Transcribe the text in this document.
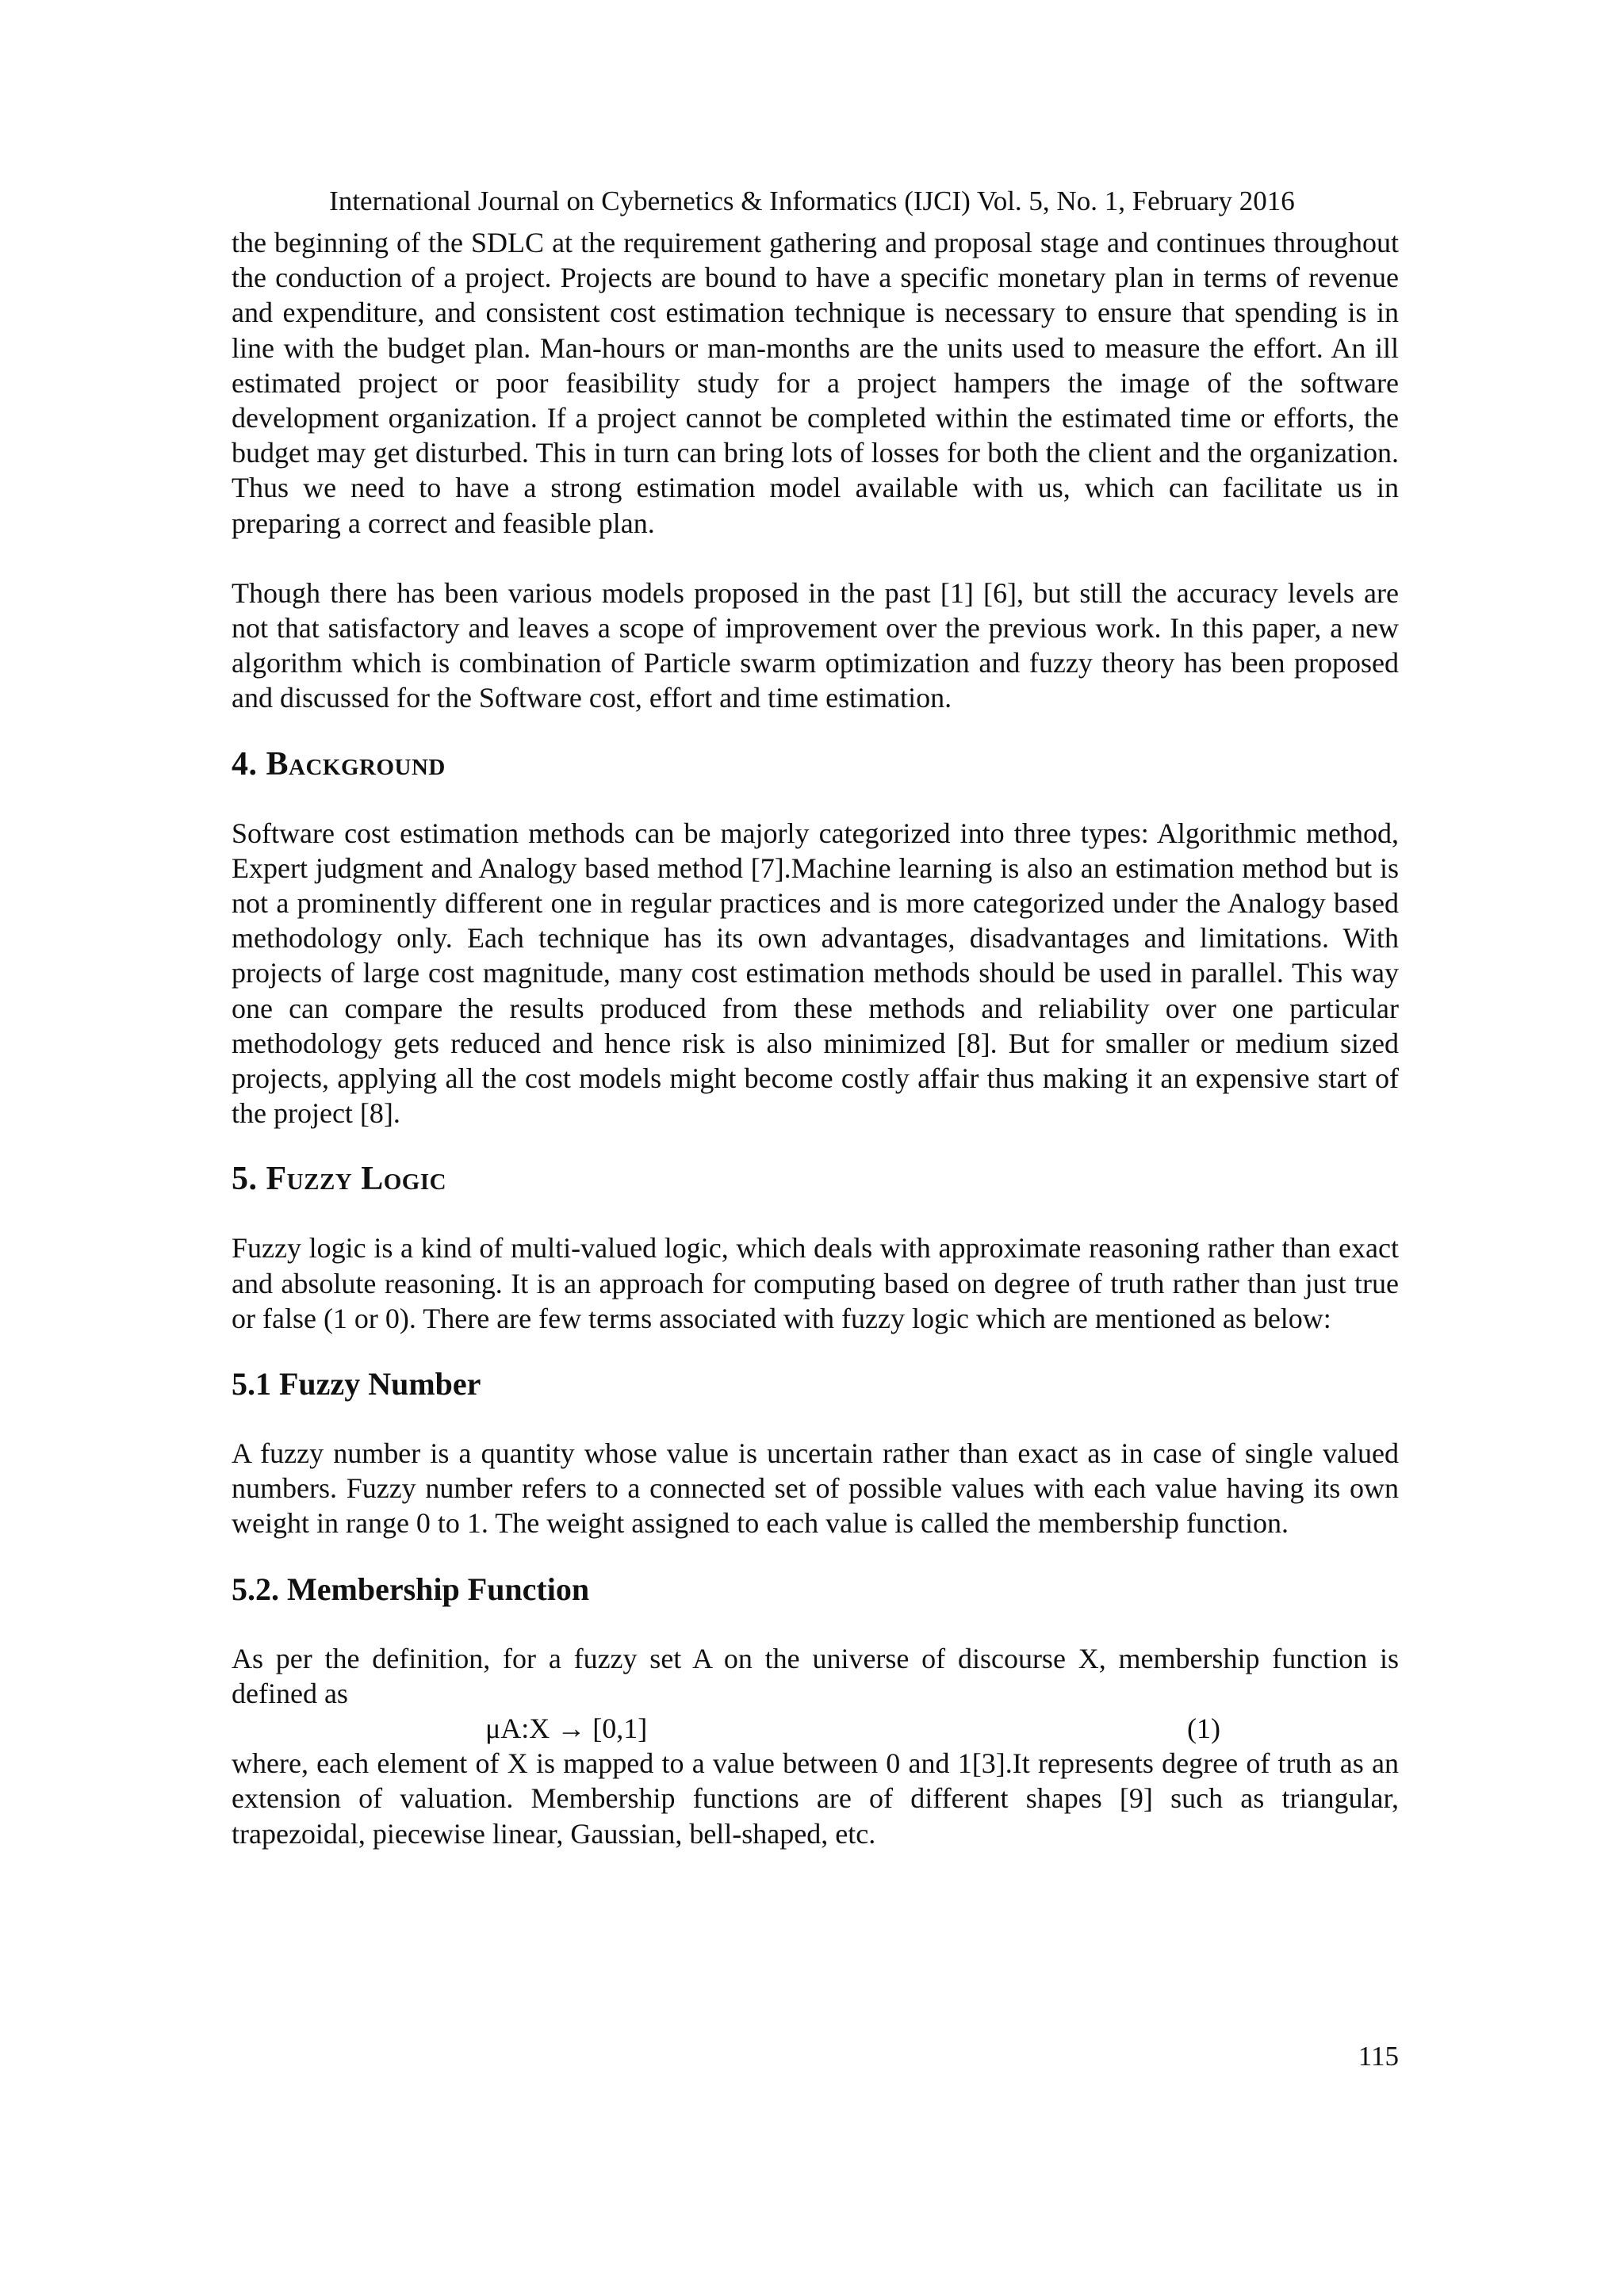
International Journal on Cybernetics & Informatics (IJCI) Vol. 5, No. 1, February 2016

the beginning of the SDLC at the requirement gathering and proposal stage and continues throughout the conduction of a project. Projects are bound to have a specific monetary plan in terms of revenue and expenditure, and consistent cost estimation technique is necessary to ensure that spending is in line with the budget plan. Man-hours or man-months are the units used to measure the effort. An ill estimated project or poor feasibility study for a project hampers the image of the software development organization. If a project cannot be completed within the estimated time or efforts, the budget may get disturbed. This in turn can bring lots of losses for both the client and the organization. Thus we need to have a strong estimation model available with us, which can facilitate us in preparing a correct and feasible plan.

Though there has been various models proposed in the past [1] [6], but still the accuracy levels are not that satisfactory and leaves a scope of improvement over the previous work. In this paper, a new algorithm which is combination of Particle swarm optimization and fuzzy theory has been proposed and discussed for the Software cost, effort and time estimation.

4. Background

Software cost estimation methods can be majorly categorized into three types: Algorithmic method, Expert judgment and Analogy based method [7].Machine learning is also an estimation method but is not a prominently different one in regular practices and is more categorized under the Analogy based methodology only. Each technique has its own advantages, disadvantages and limitations. With projects of large cost magnitude, many cost estimation methods should be used in parallel. This way one can compare the results produced from these methods and reliability over one particular methodology gets reduced and hence risk is also minimized [8]. But for smaller or medium sized projects, applying all the cost models might become costly affair thus making it an expensive start of the project [8].

5. Fuzzy Logic

Fuzzy logic is a kind of multi-valued logic, which deals with approximate reasoning rather than exact and absolute reasoning. It is an approach for computing based on degree of truth rather than just true or false (1 or 0). There are few terms associated with fuzzy logic which are mentioned as below:

5.1 Fuzzy Number

A fuzzy number is a quantity whose value is uncertain rather than exact as in case of single valued numbers. Fuzzy number refers to a connected set of possible values with each value having its own weight in range 0 to 1. The weight assigned to each value is called the membership function.

5.2. Membership Function

As per the definition, for a fuzzy set A on the universe of discourse X, membership function is defined as

μA:X → [0,1]	(1)

where, each element of X is mapped to a value between 0 and 1[3].It represents degree of truth as an extension of valuation. Membership functions are of different shapes [9] such as triangular, trapezoidal, piecewise linear, Gaussian, bell-shaped, etc.

115
